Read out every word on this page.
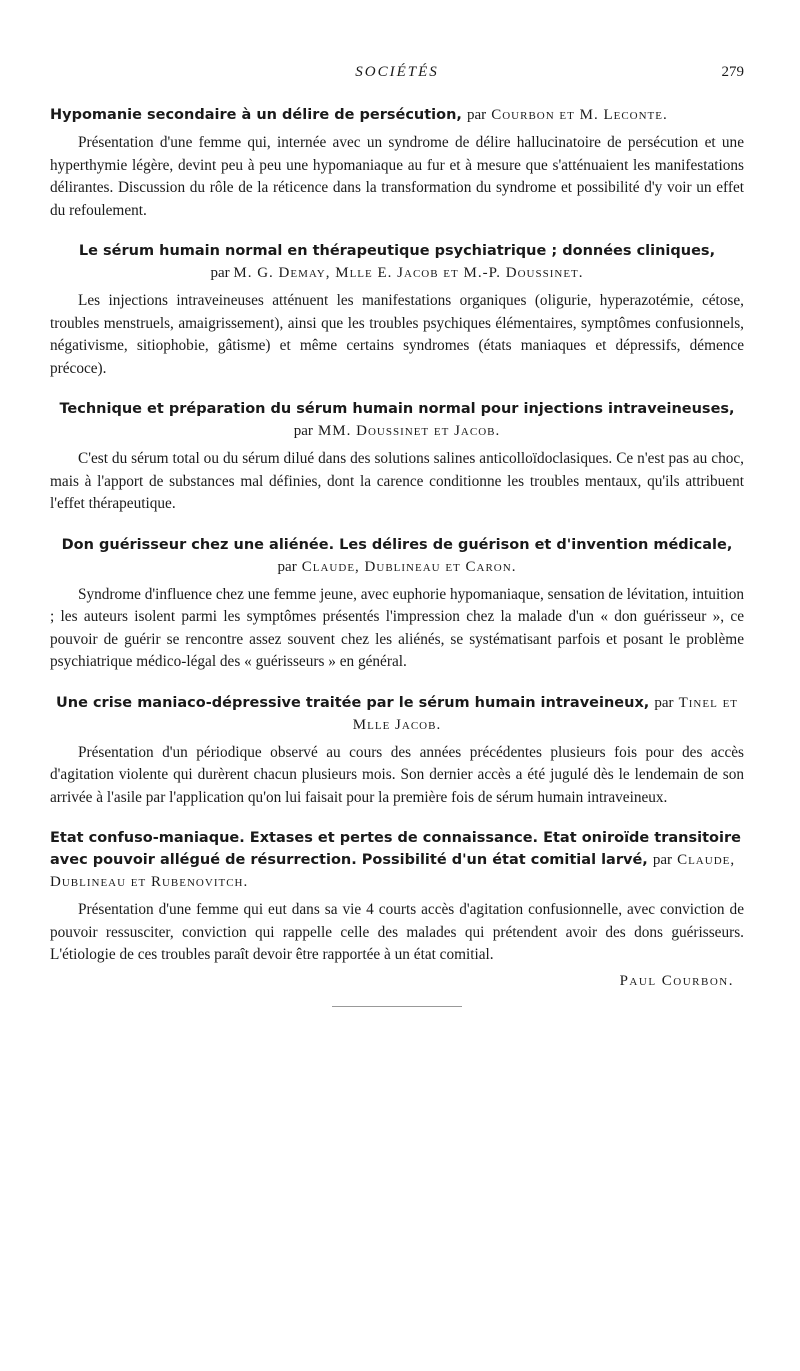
SOCIÉTÉS	279
Hypomanie secondaire à un délire de persécution, par Courbon et M. Leconte.

Présentation d'une femme qui, internée avec un syndrome de délire hallucinatoire de persécution et une hyperthymie légère, devint peu à peu une hypomaniaque au fur et à mesure que s'atténuaient les manifestations délirantes. Discussion du rôle de la réticence dans la transformation du syndrome et possibilité d'y voir un effet du refoulement.

Le sérum humain normal en thérapeutique psychiatrique ; données cliniques,
par M. G. Demay, Mlle E. Jacob et M.-P. Doussinet.

Les injections intraveineuses atténuent les manifestations organiques (oligurie, hyperazotémie, cétose, troubles menstruels, amaigrissement), ainsi que les troubles psychiques élémentaires, symptômes confusionnels, négativisme, sitiophobie, gâtisme) et même certains syndromes (états maniaques et dépressifs, démence précoce).

Technique et préparation du sérum humain normal pour injections intraveineuses, par MM. Doussinet et Jacob.

C'est du sérum total ou du sérum dilué dans des solutions salines anticolloïdoclasiques. Ce n'est pas au choc, mais à l'apport de substances mal définies, dont la carence conditionne les troubles mentaux, qu'ils attribuent l'effet thérapeutique.

Don guérisseur chez une aliénée. Les délires de guérison et d'invention médicale, par Claude, Dublineau et Caron.

Syndrome d'influence chez une femme jeune, avec euphorie hypomaniaque, sensation de lévitation, intuition ; les auteurs isolent parmi les symptômes présentés l'impression chez la malade d'un « don guérisseur », ce pouvoir de guérir se rencontre assez souvent chez les aliénés, se systématisant parfois et posant le problème psychiatrique médico-légal des « guérisseurs » en général.

Une crise maniaco-dépressive traitée par le sérum humain intraveineux, par Tinel et Mlle Jacob.

Présentation d'un périodique observé au cours des années précédentes plusieurs fois pour des accès d'agitation violente qui durèrent chacun plusieurs mois. Son dernier accès a été jugulé dès le lendemain de son arrivée à l'asile par l'application qu'on lui faisait pour la première fois de sérum humain intraveineux.

Etat confuso-maniaque. Extases et pertes de connaissance. Etat oniroïde transitoire avec pouvoir allégué de résurrection. Possibilité d'un état comitial larvé, par Claude, Dublineau et Rubenovitch.

Présentation d'une femme qui eut dans sa vie 4 courts accès d'agitation confusionnelle, avec conviction de pouvoir ressusciter, conviction qui rappelle celle des malades qui prétendent avoir des dons guérisseurs. L'étiologie de ces troubles paraît devoir être rapportée à un état comitial.

Paul Courbon.
